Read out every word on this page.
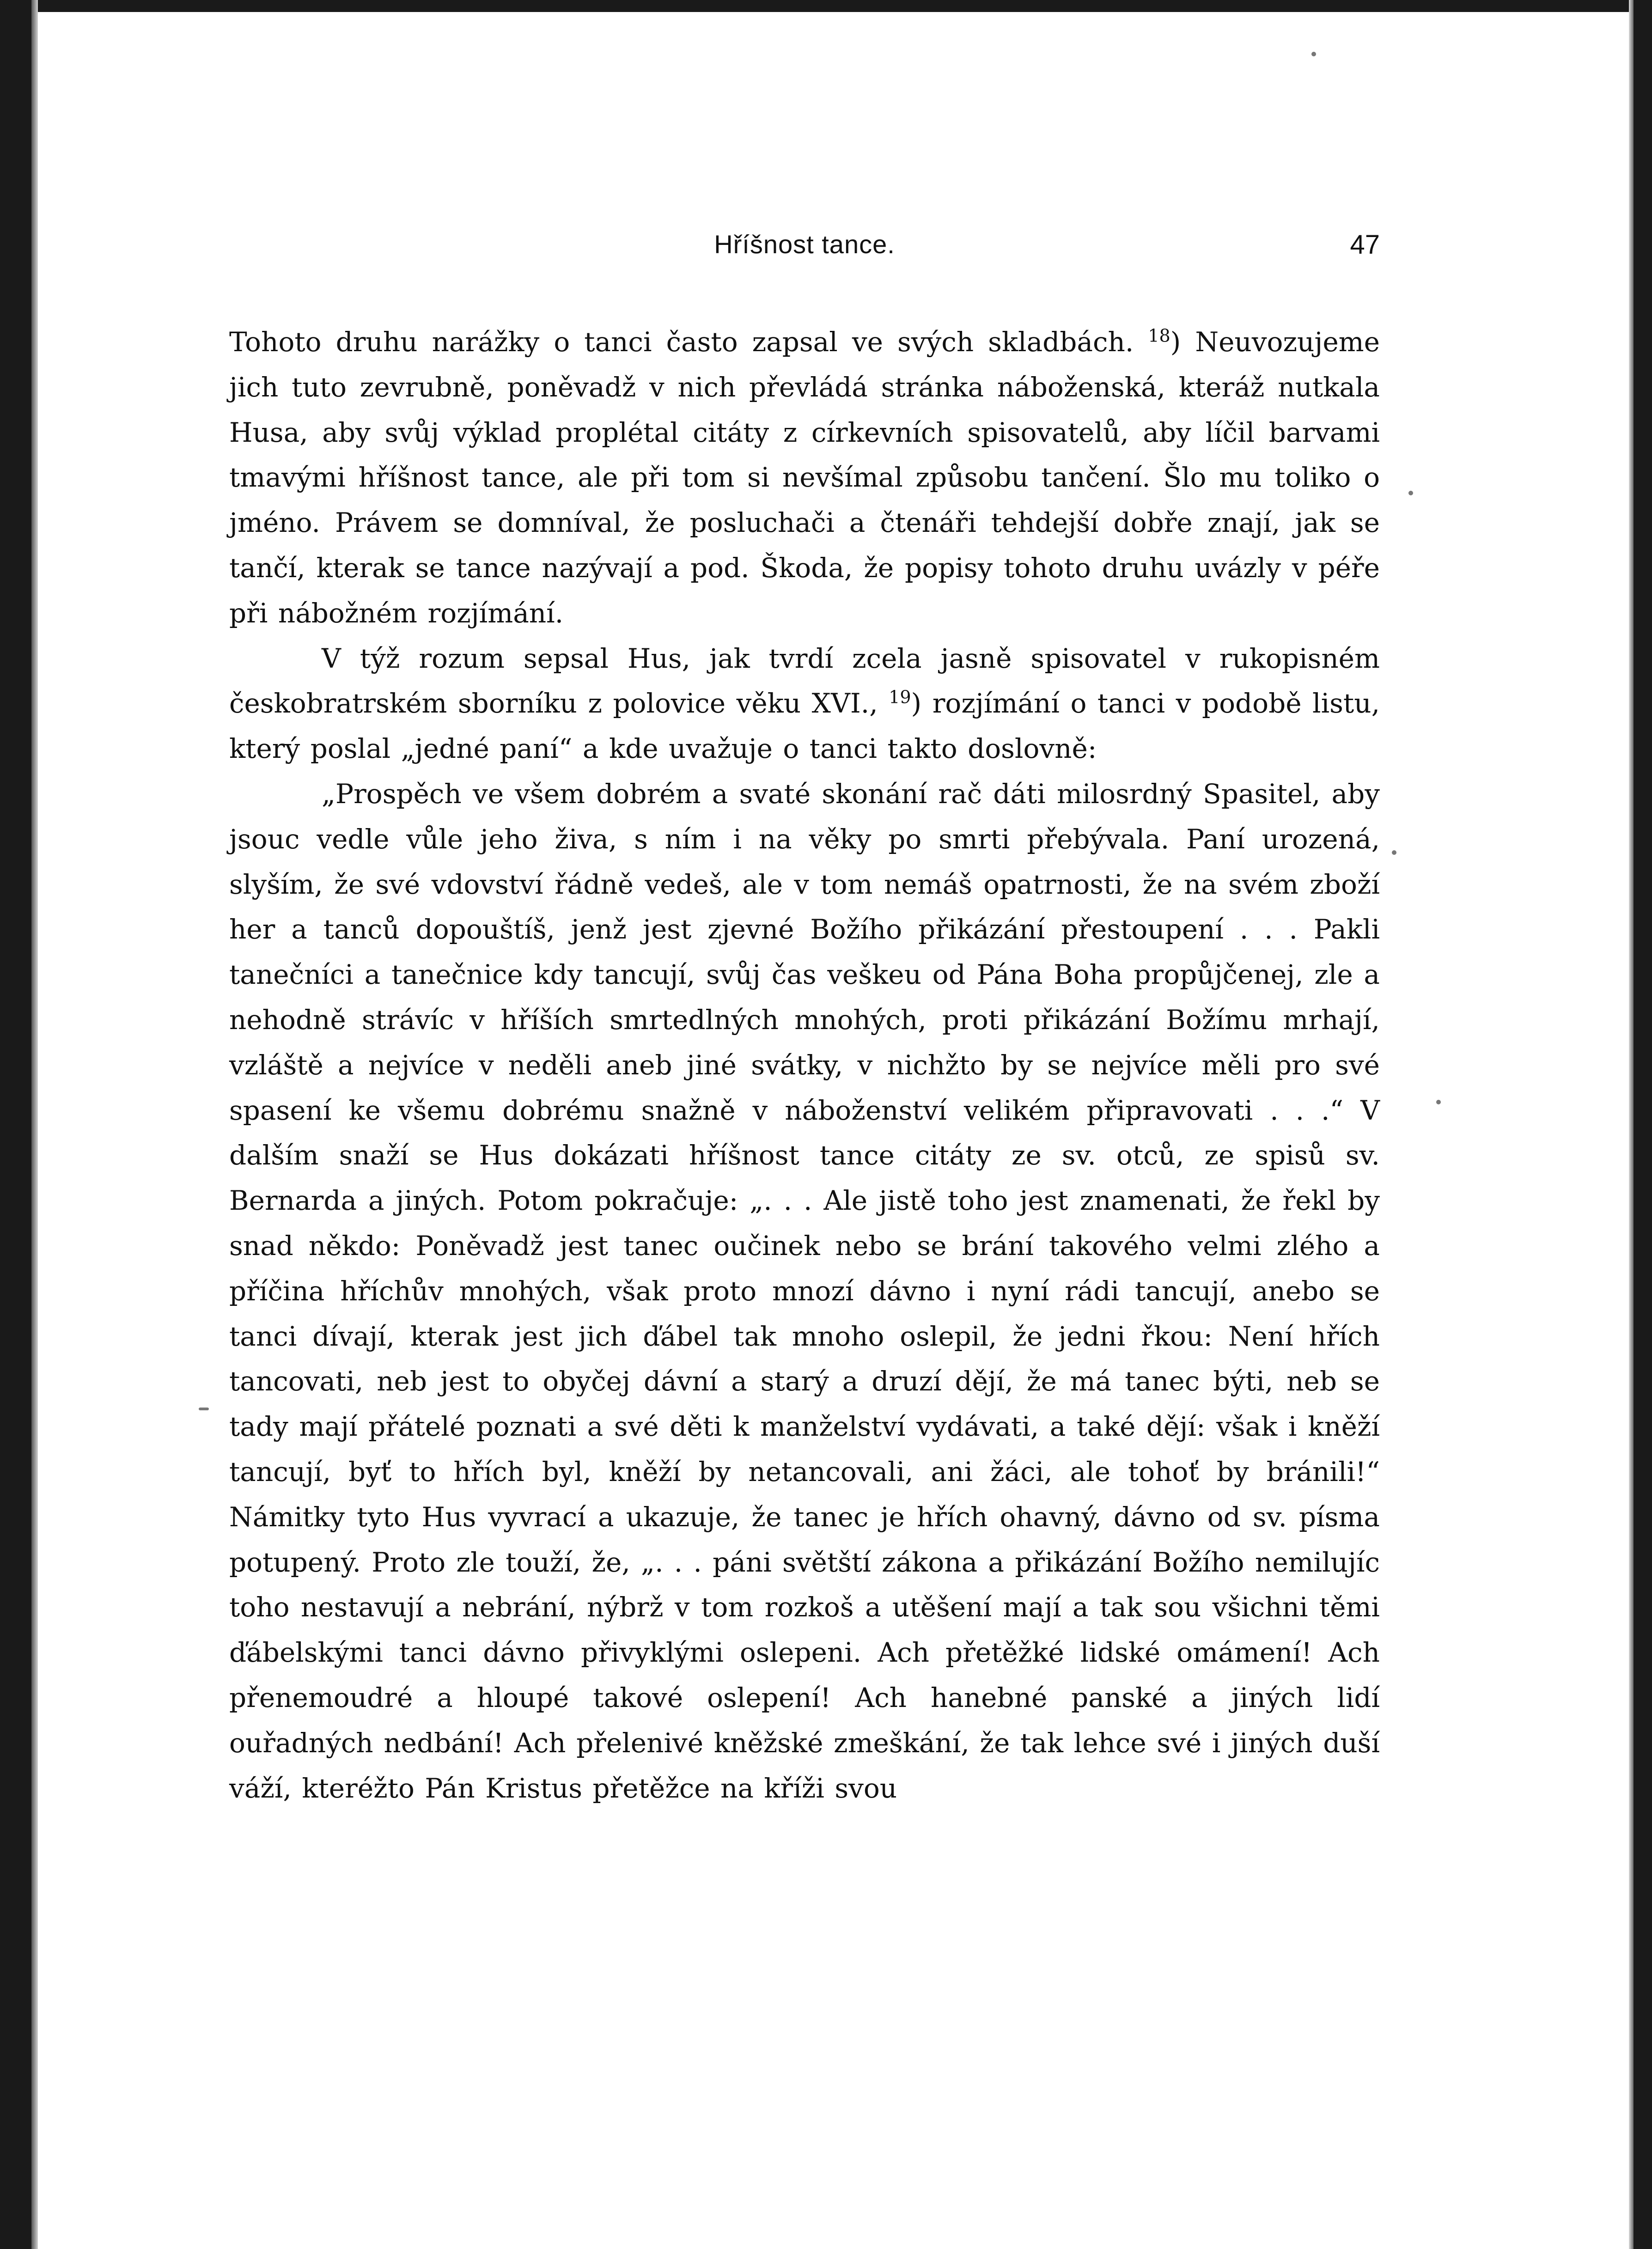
Hříšnost tance.	47

Tohoto druhu narážky o tanci často zapsal ve svých skladbách. $^{18}$) Neuvozujeme jich tuto zevrubně, poněvadž v nich převládá stránka náboženská, kteráž nutkala Husa, aby svůj výklad proplétal citáty z církevních spisovatelů, aby líčil barvami tmavými hříšnost tance, ale při tom si nevšímal způsobu tančení. Šlo mu toliko o jméno. Právem se domníval, že posluchači a čtenáři tehdejší dobře znají, jak se tančí, kterak se tance nazývají a pod. Škoda, že popisy tohoto druhu uvázly v péře při nábožném rozjímání.

V týž rozum sepsal Hus, jak tvrdí zcela jasně spisovatel v rukopisném českobratrském sborníku z polovice věku XVI., $^{19}$) rozjímání o tanci v podobě listu, který poslal „jedné paní“ a kde uvažuje o tanci takto doslovně:

„Prospěch ve všem dobrém a svaté skonání rač dáti milosrdný Spasitel, aby jsouc vedle vůle jeho živa, s ním i na věky po smrti přebývala. Paní urozená, slyším, že své vdovství řádně vedeš, ale v tom nemáš opatrnosti, že na svém zboží her a tanců dopouštíš, jenž jest zjevné Božího přikázání přestoupení . . . Pakli tanečníci a tanečnice kdy tancují, svůj čas veškeu od Pána Boha propůjčenej, zle a nehodně strávíc v hříších smrtedlných mnohých, proti přikázání Božímu mrhají, vzláště a nejvíce v neděli aneb jiné svátky, v nichžto by se nejvíce měli pro své spasení ke všemu dobrému snažně v náboženství velikém připravovati . . .“ V dalším snaží se Hus dokázati hříšnost tance citáty ze sv. otců, ze spisů sv. Bernarda a jiných. Potom pokračuje: „. . . Ale jistě toho jest znamenati, že řekl by snad někdo: Poněvadž jest tanec oučinek nebo se brání takového velmi zlého a příčina hříchův mnohých, však proto mnozí dávno i nyní rádi tancují, anebo se tanci dívají, kterak jest jich ďábel tak mnoho oslepil, že jedni řkou: Není hřích tancovati, neb jest to obyčej dávní a starý a druzí dějí, že má tanec býti, neb se tady mají přátelé poznati a své děti k manželství vydávati, a také dějí: však i kněží tancují, byť to hřích byl, kněží by netancovali, ani žáci, ale tohoť by bránili!“ Námitky tyto Hus vyvrací a ukazuje, že tanec je hřích ohavný, dávno od sv. písma potupený. Proto zle touží, že, „. . . páni světští zákona a přikázání Božího nemilujíc toho nestavují a nebrání, nýbrž v tom rozkoš a utěšení mají a tak sou všichni těmi ďábelskými tanci dávno přivyklými oslepeni. Ach přetěžké lidské omámení! Ach přenemoudré a hloupé takové oslepení! Ach hanebné panské a jiných lidí ouřadných nedbání! Ach přelenivé kněžské zmeškání, že tak lehce své i jiných duší váží, kteréžto Pán Kristus přetěžce na kříži svou
